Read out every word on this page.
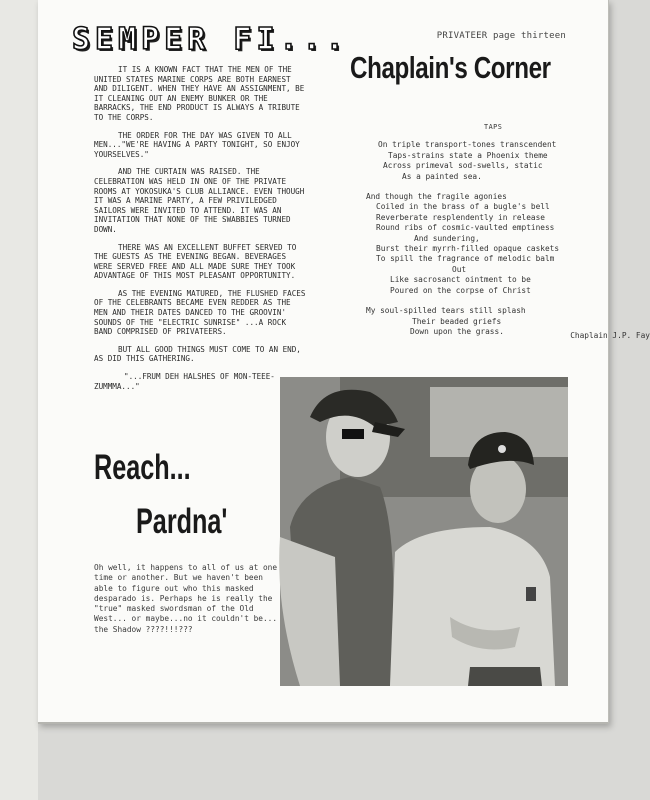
PRIVATEER page thirteen
SEMPER FI...

IT IS A KNOWN FACT THAT THE MEN OF THE UNITED STATES MARINE CORPS ARE BOTH EARNEST AND DILIGENT. WHEN THEY HAVE AN ASSIGNMENT, BE IT CLEANING OUT AN ENEMY BUNKER OR THE BARRACKS, THE END PRODUCT IS ALWAYS A TRIBUTE TO THE CORPS.

THE ORDER FOR THE DAY WAS GIVEN TO ALL MEN..."WE'RE HAVING A PARTY TONIGHT, SO ENJOY YOURSELVES."

AND THE CURTAIN WAS RAISED. THE CELEBRATION WAS HELD IN ONE OF THE PRIVATE ROOMS AT YOKOSUKA'S CLUB ALLIANCE. EVEN THOUGH IT WAS A MARINE PARTY, A FEW PRIVILEDGED SAILORS WERE INVITED TO ATTEND. IT WAS AN INVITATION THAT NONE OF THE SWABBIES TURNED DOWN.

THERE WAS AN EXCELLENT BUFFET SERVED TO THE GUESTS AS THE EVENING BEGAN. BEVERAGES WERE SERVED FREE AND ALL MADE SURE THEY TOOK ADVANTAGE OF THIS MOST PLEASANT OPPORTUNITY.

AS THE EVENING MATURED, THE FLUSHED FACES OF THE CELEBRANTS BECAME EVEN REDDER AS THE MEN AND THEIR DATES DANCED TO THE GROOVIN' SOUNDS OF THE "ELECTRIC SUNRISE" ...A ROCK BAND COMPRISED OF PRIVATEERS.

BUT ALL GOOD THINGS MUST COME TO AN END, AS DID THIS GATHERING.

"...FRUM DEH HALSHES OF MON-TEEE-ZUMMMA..."

Chaplain's Corner
TAPS
On triple transport-tones transcendent
Taps-strains state a Phoenix theme
Across primeval sod-swells, static
As a painted sea.
And though the fragile agonies
Coiled in the brass of a bugle's bell
Reverberate resplendently in release
Round ribs of cosmic-vaulted emptiness
And sundering,
Burst their myrrh-filled opaque caskets
To spill the fragrance of melodic balm
Out
Like sacrosanct ointment to be
Poured on the corpse of Christ
My soul-spilled tears still splash
Their beaded griefs
Down upon the grass.	Chaplain J.P. Fay
Reach...
Pardna'
Oh well, it happens to all of us at one time or another. But we haven't been able to figure out who this masked desparado is. Perhaps he is really the "true" masked swordsman of the Old West... or maybe...no it couldn't be... the Shadow ????!!!???
